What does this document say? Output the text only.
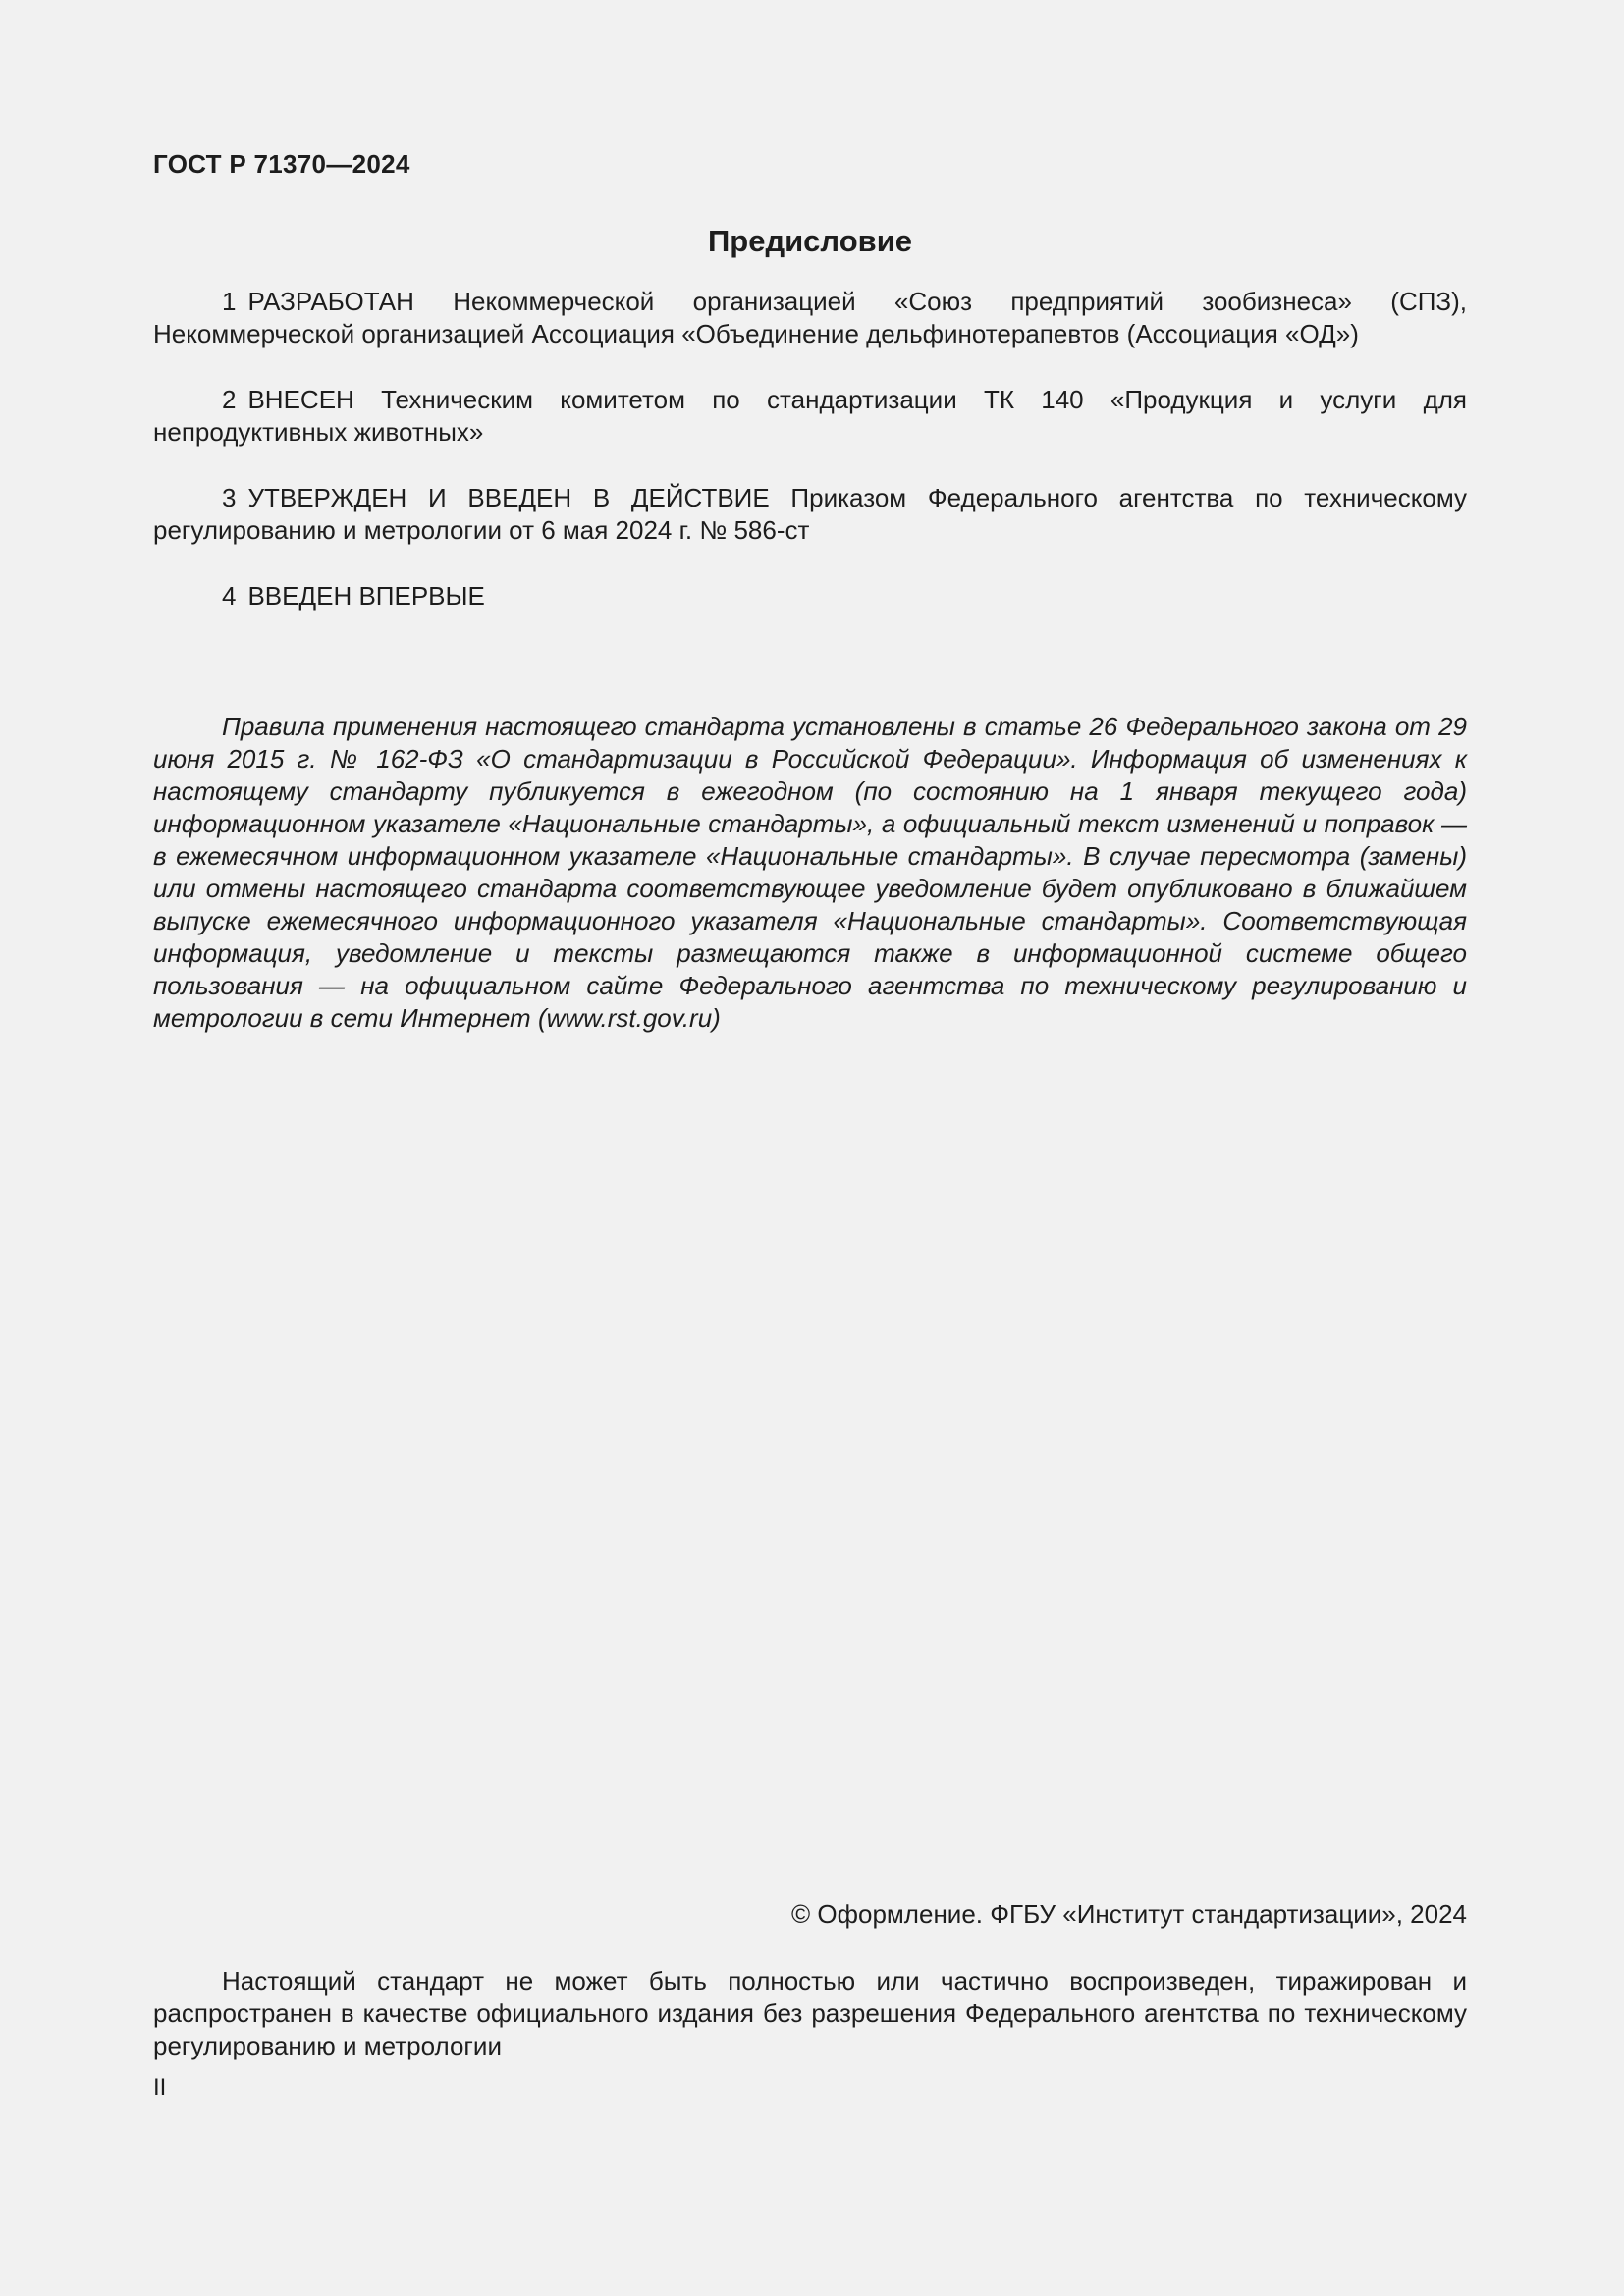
ГОСТ Р 71370—2024
Предисловие

1 РАЗРАБОТАН Некоммерческой организацией «Союз предприятий зообизнеса» (СПЗ), Некоммерческой организацией Ассоциация «Объединение дельфинотерапевтов (Ассоциация «ОД»)

2 ВНЕСЕН Техническим комитетом по стандартизации ТК 140 «Продукция и услуги для непродуктивных животных»

3 УТВЕРЖДЕН И ВВЕДЕН В ДЕЙСТВИЕ Приказом Федерального агентства по техническому регулированию и метрологии от 6 мая 2024 г. № 586-ст

4 ВВЕДЕН ВПЕРВЫЕ

Правила применения настоящего стандарта установлены в статье 26 Федерального закона от 29 июня 2015 г. № 162-ФЗ «О стандартизации в Российской Федерации». Информация об изменениях к настоящему стандарту публикуется в ежегодном (по состоянию на 1 января текущего года) информационном указателе «Национальные стандарты», а официальный текст изменений и поправок — в ежемесячном информационном указателе «Национальные стандарты». В случае пересмотра (замены) или отмены настоящего стандарта соответствующее уведомление будет опубликовано в ближайшем выпуске ежемесячного информационного указателя «Национальные стандарты». Соответствующая информация, уведомление и тексты размещаются также в информационной системе общего пользования — на официальном сайте Федерального агентства по техническому регулированию и метрологии в сети Интернет (www.rst.gov.ru)

© Оформление. ФГБУ «Институт стандартизации», 2024

Настоящий стандарт не может быть полностью или частично воспроизведен, тиражирован и распространен в качестве официального издания без разрешения Федерального агентства по техническому регулированию и метрологии

II
